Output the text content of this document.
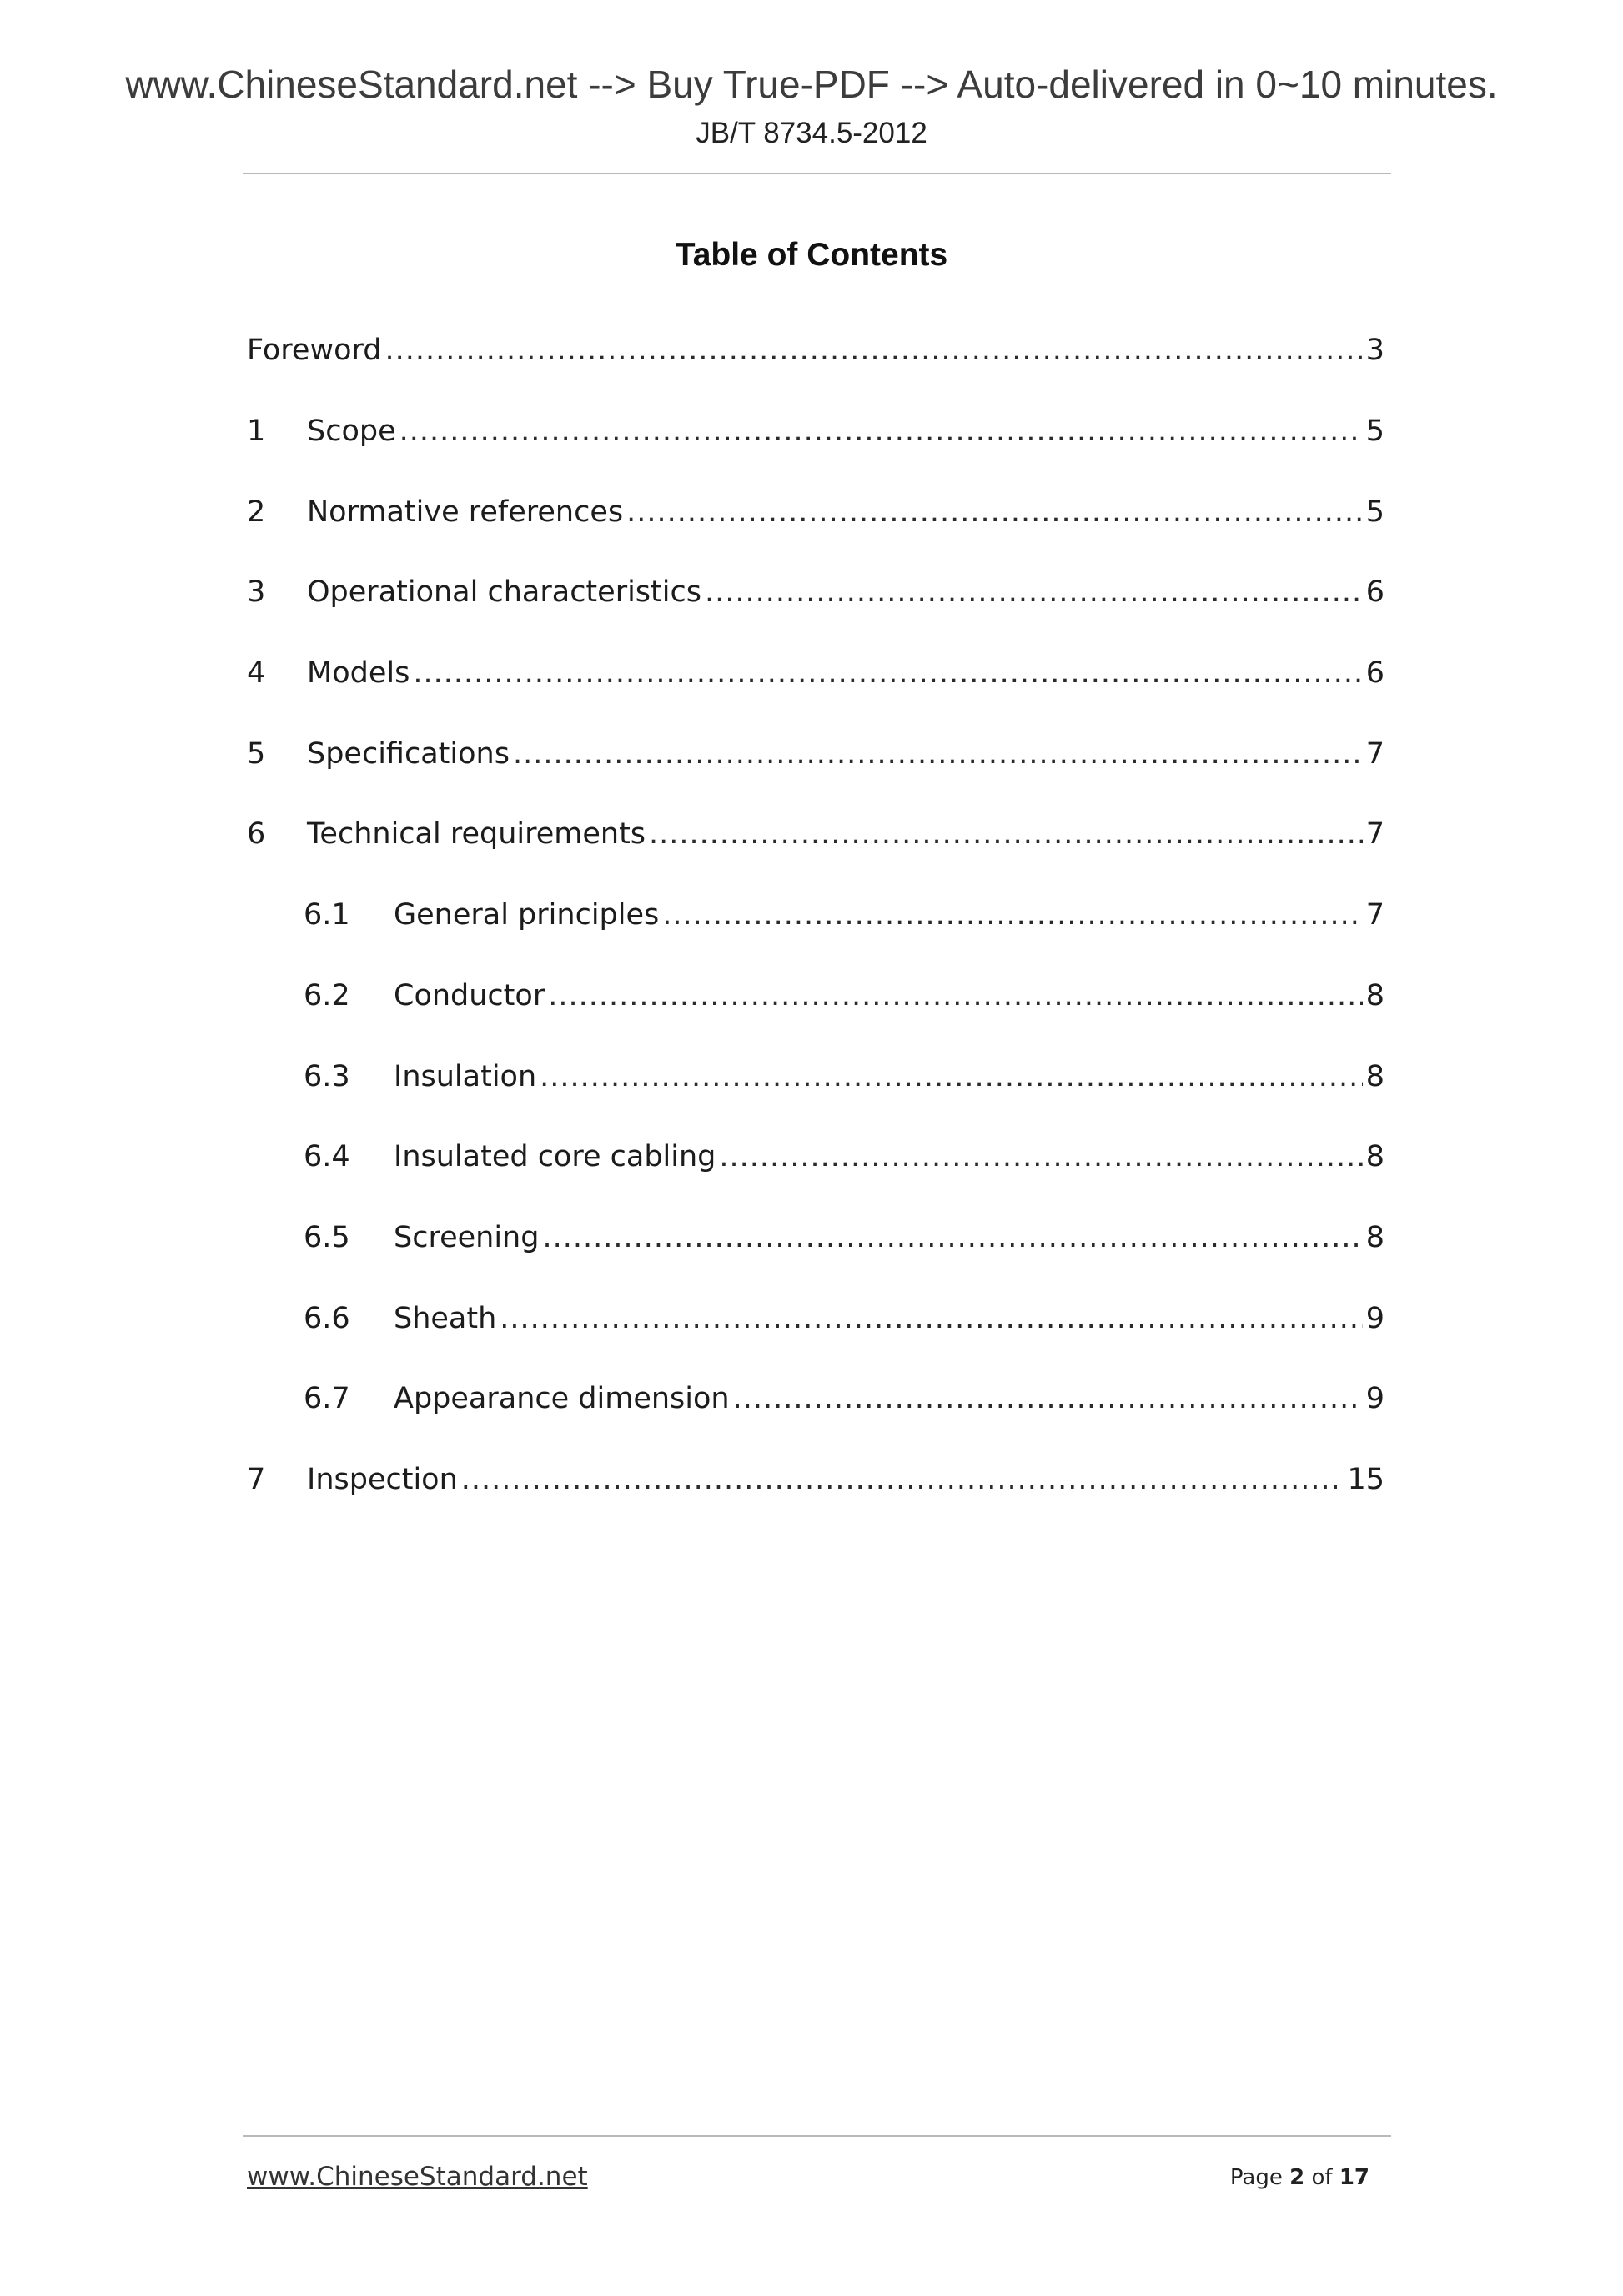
www.ChineseStandard.net --> Buy True-PDF --> Auto-delivered in 0~10 minutes.
JB/T 8734.5-2012
Table of Contents
Foreword .....	3
1	Scope .....	5
2	Normative references .....	5
3	Operational characteristics .....	6
4	Models .....	6
5	Specifications .....	7
6	Technical requirements .....	7
6.1	General principles .....	7
6.2	Conductor .....	8
6.3	Insulation .....	8
6.4	Insulated core cabling .....	8
6.5	Screening .....	8
6.6	Sheath .....	9
6.7	Appearance dimension .....	9
7	Inspection .....	15
www.ChineseStandard.net	Page 2 of 17
